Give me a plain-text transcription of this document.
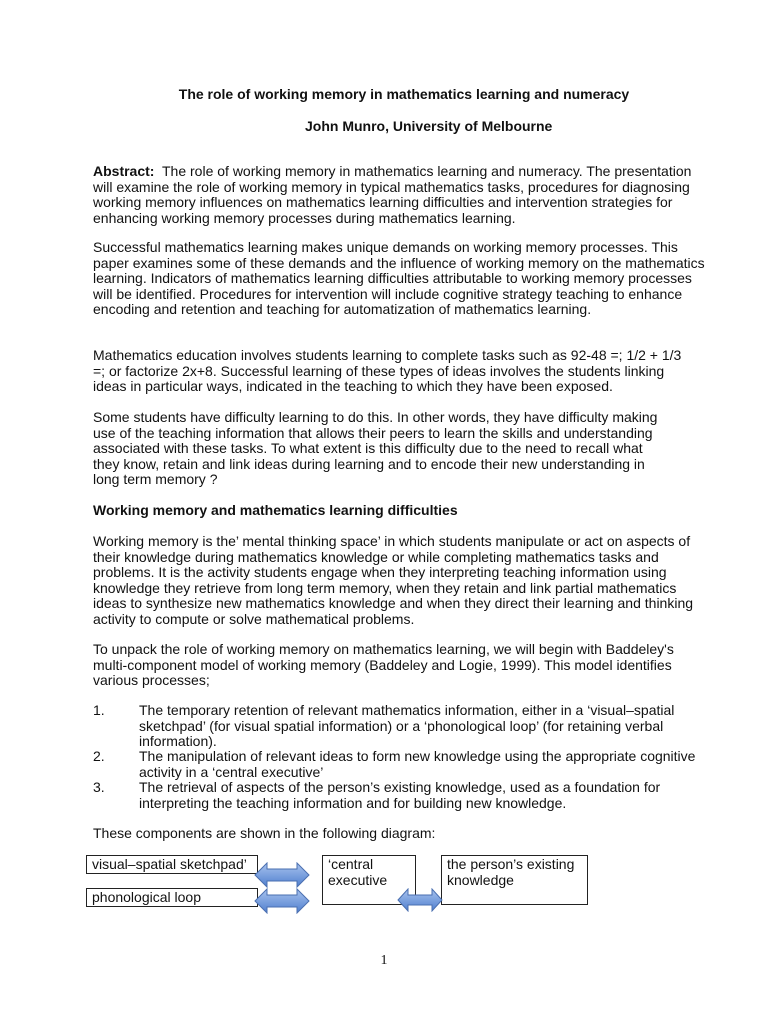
The role of working memory in mathematics learning and numeracy
John Munro, University of Melbourne
Abstract: The role of working memory in mathematics learning and numeracy. The presentation
will examine the role of working memory in typical mathematics tasks, procedures for diagnosing
working memory influences on mathematics learning difficulties and intervention strategies for
enhancing working memory processes during mathematics learning.
Successful mathematics learning makes unique demands on working memory processes. This
paper examines some of these demands and the influence of working memory on the mathematics
learning. Indicators of mathematics learning difficulties attributable to working memory processes
will be identified. Procedures for intervention will include cognitive strategy teaching to enhance
encoding and retention and teaching for automatization of mathematics learning.
Mathematics education involves students learning to complete tasks such as 92-48 =; 1/2 + 1/3
=; or factorize 2x+8. Successful learning of these types of ideas involves the students linking
ideas in particular ways, indicated in the teaching to which they have been exposed.
Some students have difficulty learning to do this. In other words, they have difficulty making
use of the teaching information that allows their peers to learn the skills and understanding
associated with these tasks. To what extent is this difficulty due to the need to recall what
they know, retain and link ideas during learning and to encode their new understanding in
long term memory ?
Working memory and mathematics learning difficulties
Working memory is the’ mental thinking space’ in which students manipulate or act on aspects of
their knowledge during mathematics knowledge or while completing mathematics tasks and
problems. It is the activity students engage when they interpreting teaching information using
knowledge they retrieve from long term memory, when they retain and link partial mathematics
ideas to synthesize new mathematics knowledge and when they direct their learning and thinking
activity to compute or solve mathematical problems.
To unpack the role of working memory on mathematics learning, we will begin with Baddeley's
multi-component model of working memory (Baddeley and Logie, 1999). This model identifies
various processes;
1. The temporary retention of relevant mathematics information, either in a ‘visual–spatial
sketchpad’ (for visual spatial information) or a ‘phonological loop’ (for retaining verbal
information).
2. The manipulation of relevant ideas to form new knowledge using the appropriate cognitive
activity in a ‘central executive’
3. The retrieval of aspects of the person’s existing knowledge, used as a foundation for
interpreting the teaching information and for building new knowledge.
These components are shown in the following diagram:
visual–spatial sketchpad’
phonological loop
‘central
executive
the person’s existing
knowledge
1
